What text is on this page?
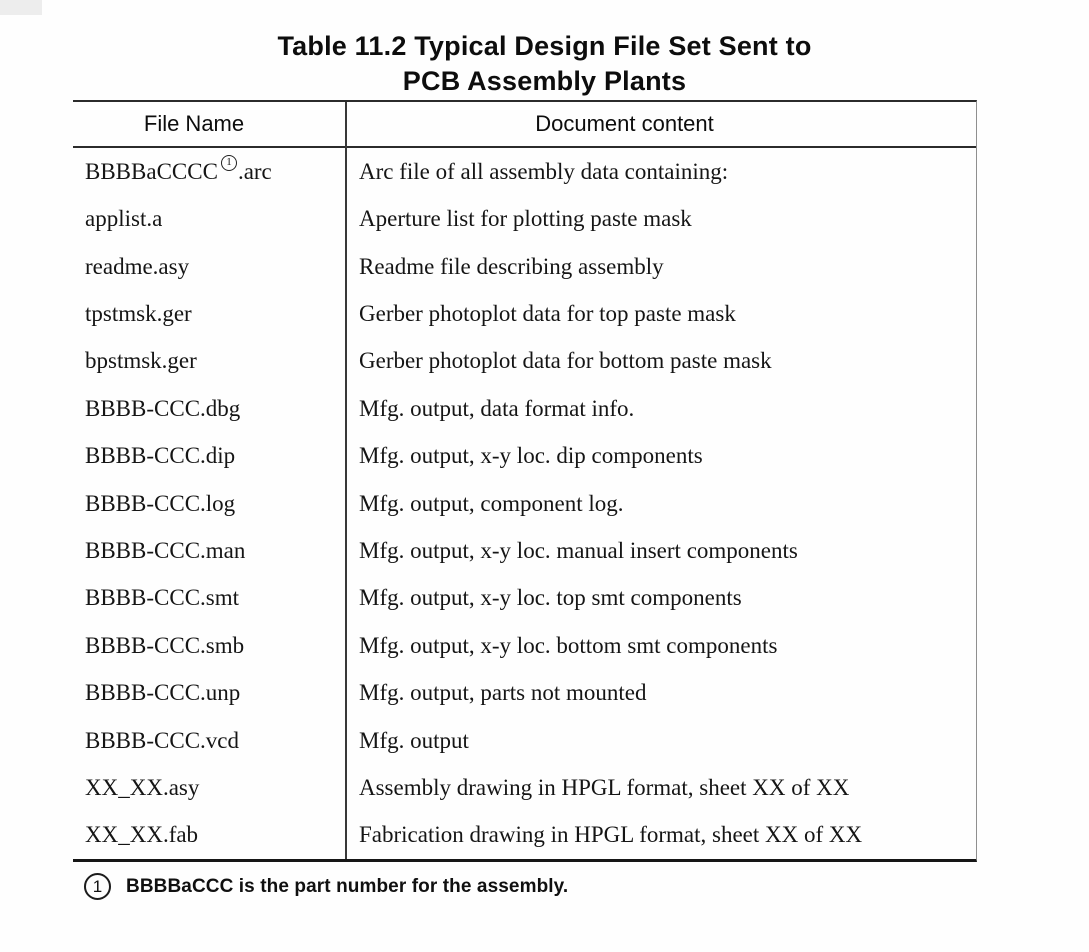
Table 11.2 Typical Design File Set Sent to
PCB Assembly Plants
File Name	Document content
BBBBaCCCC 1 .arc	Arc file of all assembly data containing:
applist.a	Aperture list for plotting paste mask
readme.asy	Readme file describing assembly
tpstmsk.ger	Gerber photoplot data for top paste mask
bpstmsk.ger	Gerber photoplot data for bottom paste mask
BBBB-CCC.dbg	Mfg. output, data format info.
BBBB-CCC.dip	Mfg. output, x-y loc. dip components
BBBB-CCC.log	Mfg. output, component log.
BBBB-CCC.man	Mfg. output, x-y loc. manual insert components
BBBB-CCC.smt	Mfg. output, x-y loc. top smt components
BBBB-CCC.smb	Mfg. output, x-y loc. bottom smt components
BBBB-CCC.unp	Mfg. output, parts not mounted
BBBB-CCC.vcd	Mfg. output
XX_XX.asy	Assembly drawing in HPGL format, sheet XX of XX
XX_XX.fab	Fabrication drawing in HPGL format, sheet XX of XX
1 BBBBaCCC is the part number for the assembly.
